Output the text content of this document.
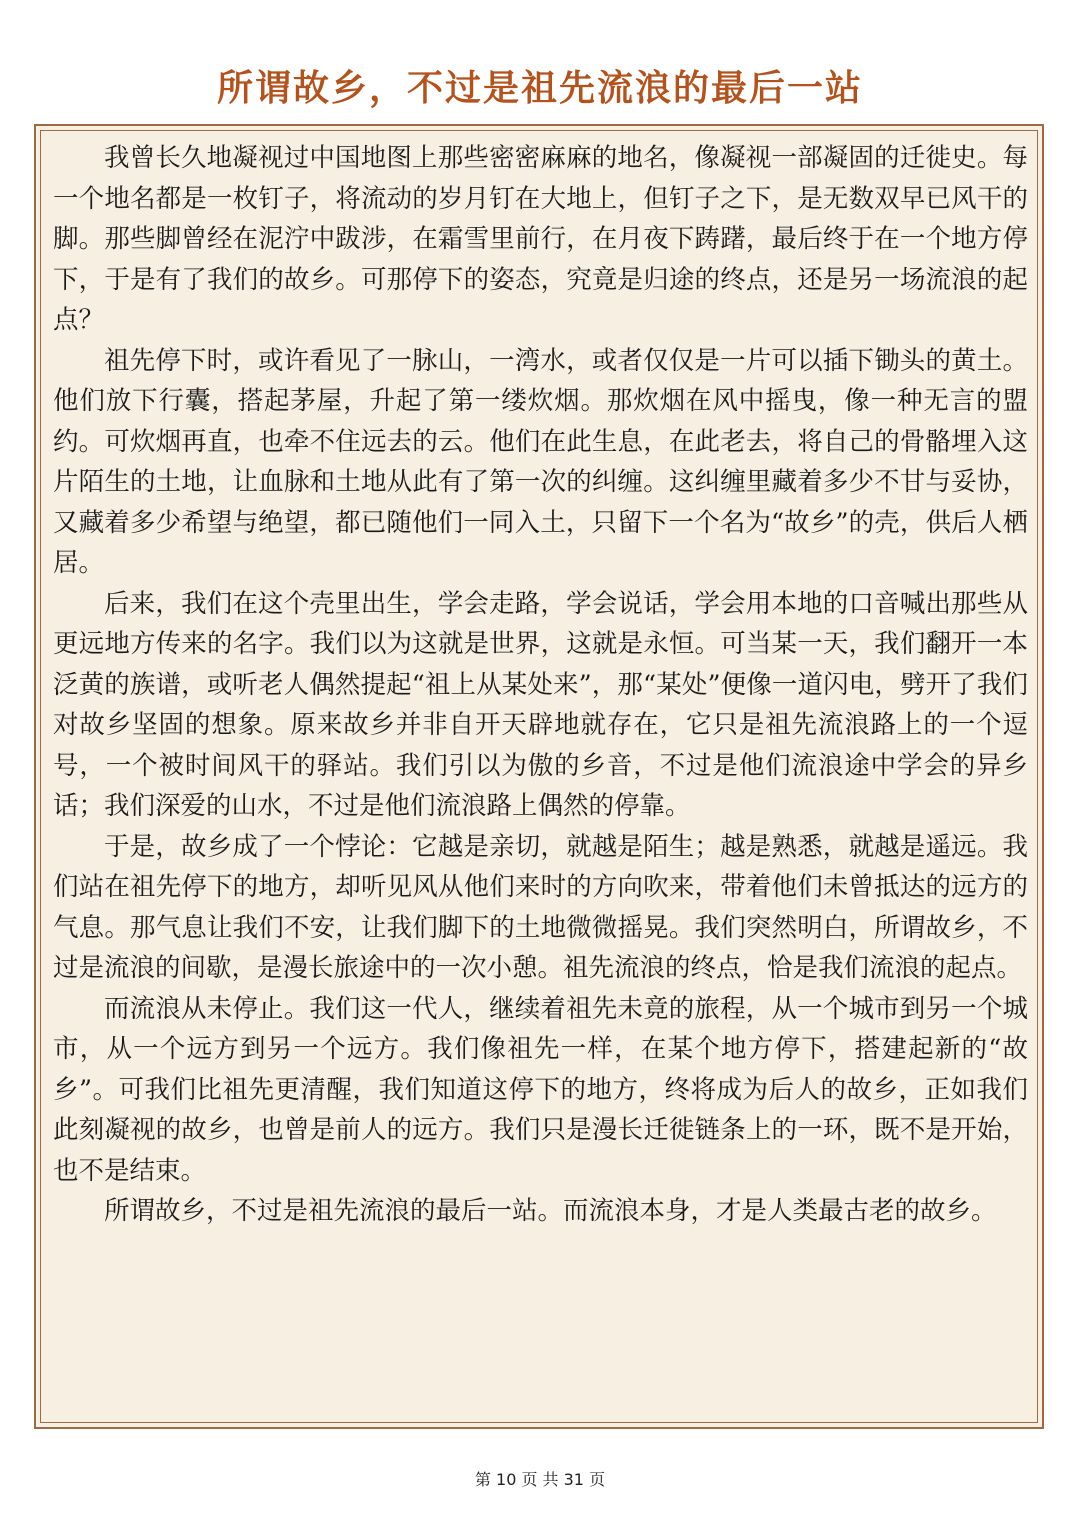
所谓故乡，不过是祖先流浪的最后一站

我曾长久地凝视过中国地图上那些密密麻麻的地名，像凝视一部凝固的迁徙史。每一个地名都是一枚钉子，将流动的岁月钉在大地上，但钉子之下，是无数双早已风干的脚。那些脚曾经在泥泞中跋涉，在霜雪里前行，在月夜下踌躇，最后终于在一个地方停下，于是有了我们的故乡。可那停下的姿态，究竟是归途的终点，还是另一场流浪的起点？

祖先停下时，或许看见了一脉山，一湾水，或者仅仅是一片可以插下锄头的黄土。他们放下行囊，搭起茅屋，升起了第一缕炊烟。那炊烟在风中摇曳，像一种无言的盟约。可炊烟再直，也牵不住远去的云。他们在此生息，在此老去，将自己的骨骼埋入这片陌生的土地，让血脉和土地从此有了第一次的纠缠。这纠缠里藏着多少不甘与妥协，又藏着多少希望与绝望，都已随他们一同入土，只留下一个名为“故乡”的壳，供后人栖居。

后来，我们在这个壳里出生，学会走路，学会说话，学会用本地的口音喊出那些从更远地方传来的名字。我们以为这就是世界，这就是永恒。可当某一天，我们翻开一本泛黄的族谱，或听老人偶然提起“祖上从某处来”，那“某处”便像一道闪电，劈开了我们对故乡坚固的想象。原来故乡并非自开天辟地就存在，它只是祖先流浪路上的一个逗号，一个被时间风干的驿站。我们引以为傲的乡音，不过是他们流浪途中学会的异乡话；我们深爱的山水，不过是他们流浪路上偶然的停靠。

于是，故乡成了一个悖论：它越是亲切，就越是陌生；越是熟悉，就越是遥远。我们站在祖先停下的地方，却听见风从他们来时的方向吹来，带着他们未曾抵达的远方的气息。那气息让我们不安，让我们脚下的土地微微摇晃。我们突然明白，所谓故乡，不过是流浪的间歇，是漫长旅途中的一次小憩。祖先流浪的终点，恰是我们流浪的起点。

而流浪从未停止。我们这一代人，继续着祖先未竟的旅程，从一个城市到另一个城市，从一个远方到另一个远方。我们像祖先一样，在某个地方停下，搭建起新的“故乡”。可我们比祖先更清醒，我们知道这停下的地方，终将成为后人的故乡，正如我们此刻凝视的故乡，也曾是前人的远方。我们只是漫长迁徙链条上的一环，既不是开始，也不是结束。

所谓故乡，不过是祖先流浪的最后一站。而流浪本身，才是人类最古老的故乡。

第 10 页 共 31 页
